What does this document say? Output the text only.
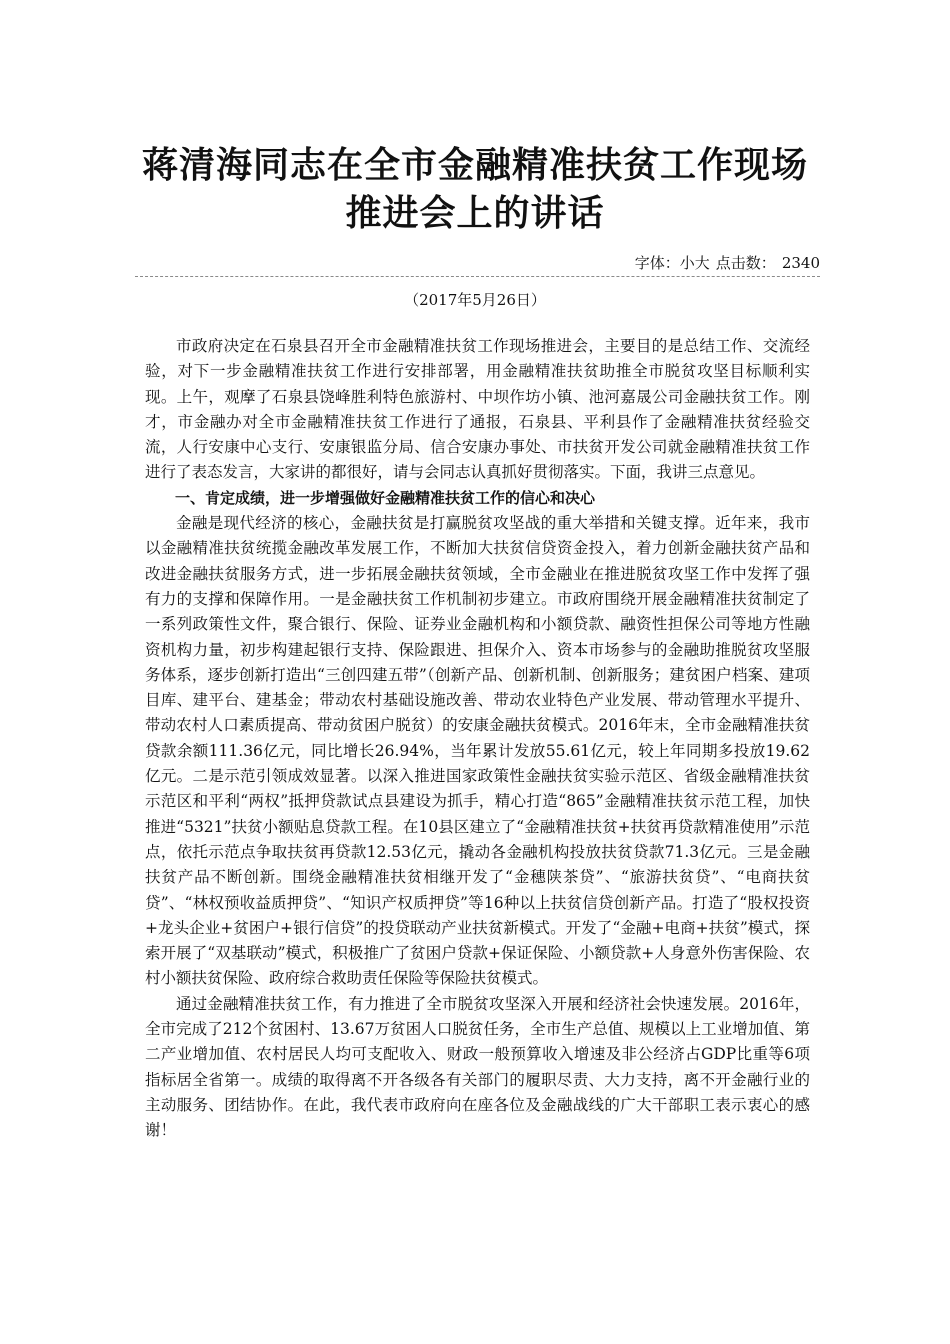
蒋清海同志在全市金融精准扶贫工作现场
推进会上的讲话
字体：小大 点击数： 2340
（2017年5月26日）

市政府决定在石泉县召开全市金融精准扶贫工作现场推进会，主要目的是总结工作、交流经验，对下一步金融精准扶贫工作进行安排部署，用金融精准扶贫助推全市脱贫攻坚目标顺利实现。上午，观摩了石泉县饶峰胜利特色旅游村、中坝作坊小镇、池河嘉晟公司金融扶贫工作。刚才，市金融办对全市金融精准扶贫工作进行了通报，石泉县、平利县作了金融精准扶贫经验交流，人行安康中心支行、安康银监分局、信合安康办事处、市扶贫开发公司就金融精准扶贫工作进行了表态发言，大家讲的都很好，请与会同志认真抓好贯彻落实。下面，我讲三点意见。

一、肯定成绩，进一步增强做好金融精准扶贫工作的信心和决心

金融是现代经济的核心，金融扶贫是打赢脱贫攻坚战的重大举措和关键支撑。近年来，我市以金融精准扶贫统揽金融改革发展工作，不断加大扶贫信贷资金投入，着力创新金融扶贫产品和改进金融扶贫服务方式，进一步拓展金融扶贫领域，全市金融业在推进脱贫攻坚工作中发挥了强有力的支撑和保障作用。一是金融扶贫工作机制初步建立。市政府围绕开展金融精准扶贫制定了一系列政策性文件，聚合银行、保险、证券业金融机构和小额贷款、融资性担保公司等地方性融资机构力量，初步构建起银行支持、保险跟进、担保介入、资本市场参与的金融助推脱贫攻坚服务体系，逐步创新打造出“三创四建五带”（创新产品、创新机制、创新服务；建贫困户档案、建项目库、建平台、建基金；带动农村基础设施改善、带动农业特色产业发展、带动管理水平提升、带动农村人口素质提高、带动贫困户脱贫）的安康金融扶贫模式。2016年末，全市金融精准扶贫贷款余额111.36亿元，同比增长26.94%，当年累计发放55.61亿元，较上年同期多投放19.62亿元。二是示范引领成效显著。以深入推进国家政策性金融扶贫实验示范区、省级金融精准扶贫示范区和平利“两权”抵押贷款试点县建设为抓手，精心打造“865”金融精准扶贫示范工程，加快推进“5321”扶贫小额贴息贷款工程。在10县区建立了“金融精准扶贫+扶贫再贷款精准使用”示范点，依托示范点争取扶贫再贷款12.53亿元，撬动各金融机构投放扶贫贷款71.3亿元。三是金融扶贫产品不断创新。围绕金融精准扶贫相继开发了“金穗陕茶贷”、“旅游扶贫贷”、“电商扶贫贷”、“林权预收益质押贷”、“知识产权质押贷”等16种以上扶贫信贷创新产品。打造了“股权投资+龙头企业+贫困户+银行信贷”的投贷联动产业扶贫新模式。开发了“金融+电商+扶贫”模式，探索开展了“双基联动”模式，积极推广了贫困户贷款+保证保险、小额贷款+人身意外伤害保险、农村小额扶贫保险、政府综合救助责任保险等保险扶贫模式。

通过金融精准扶贫工作，有力推进了全市脱贫攻坚深入开展和经济社会快速发展。2016年，全市完成了212个贫困村、13.67万贫困人口脱贫任务，全市生产总值、规模以上工业增加值、第二产业增加值、农村居民人均可支配收入、财政一般预算收入增速及非公经济占GDP比重等6项指标居全省第一。成绩的取得离不开各级各有关部门的履职尽责、大力支持，离不开金融行业的主动服务、团结协作。在此，我代表市政府向在座各位及金融战线的广大干部职工表示衷心的感谢！
